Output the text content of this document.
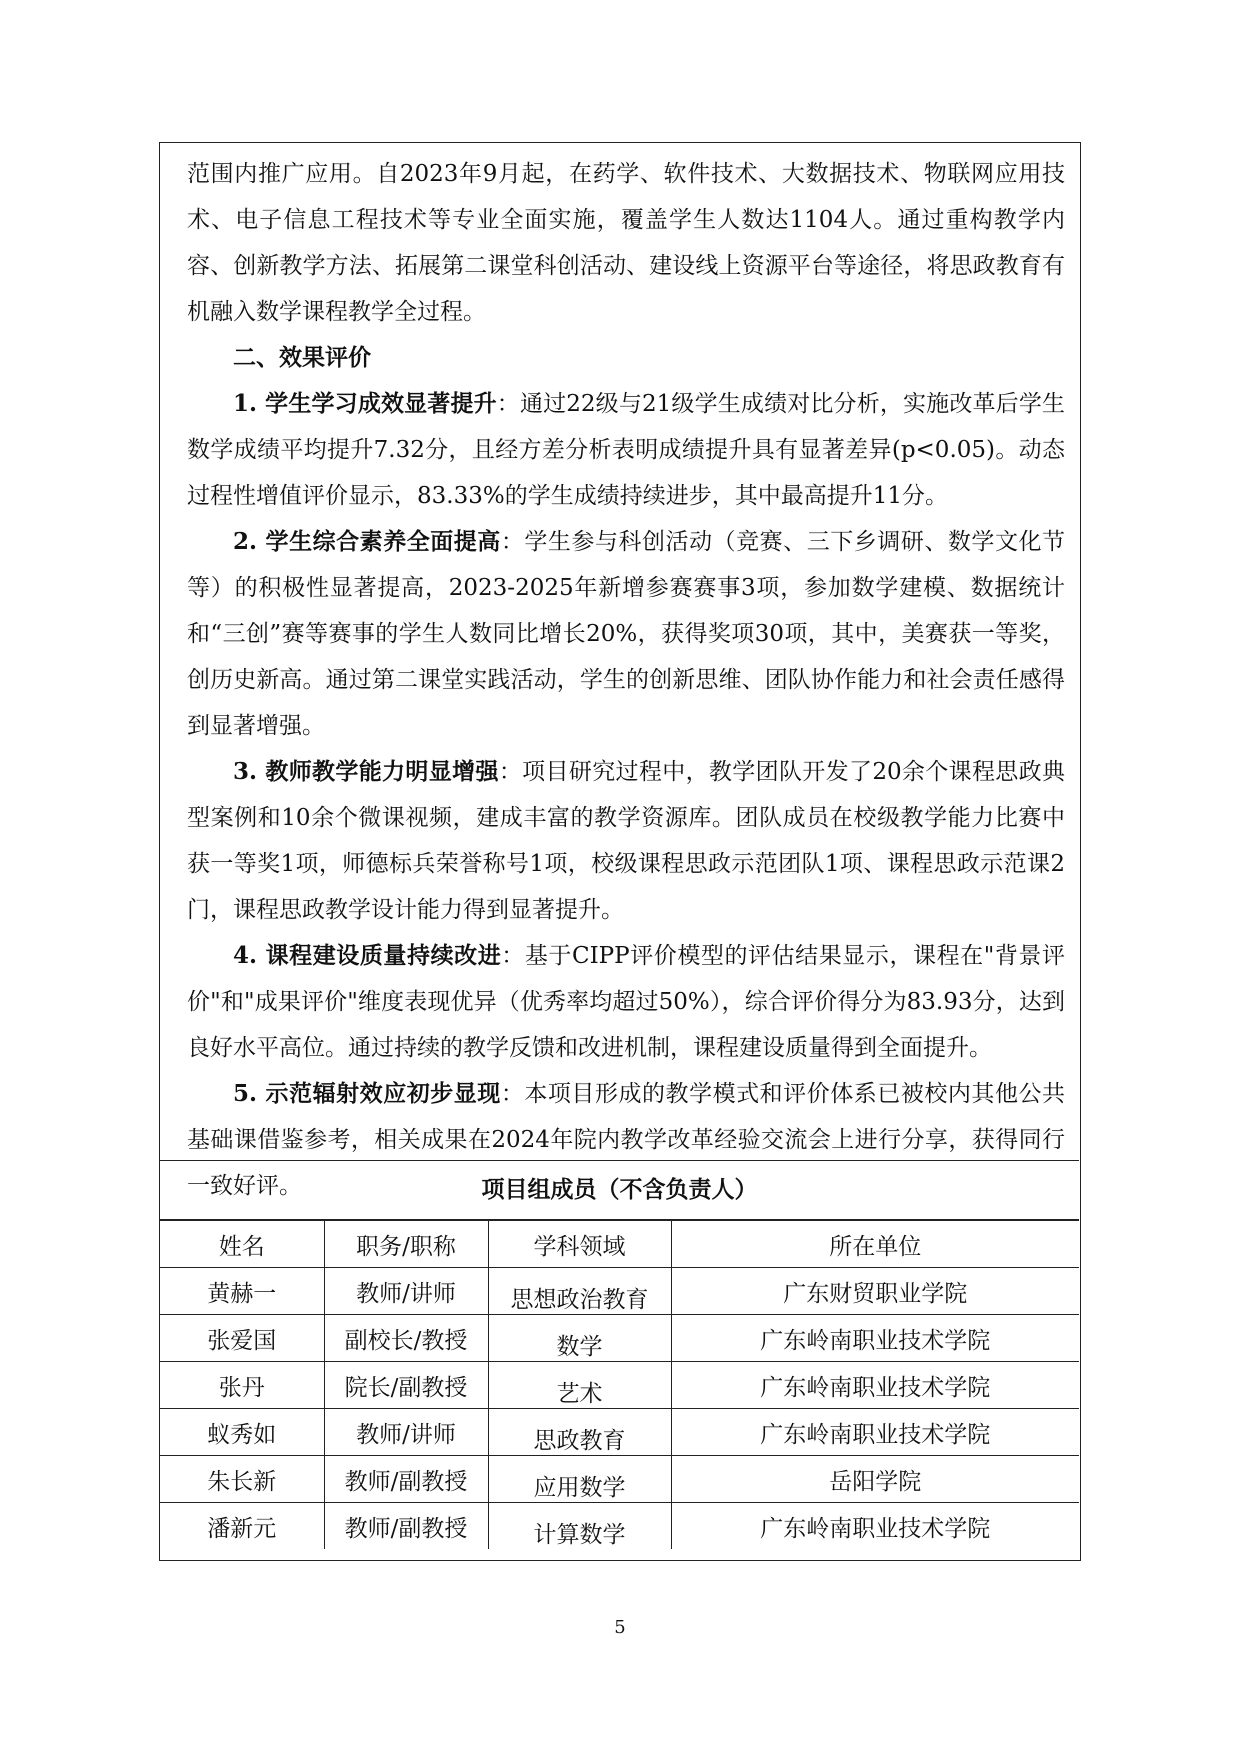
范围内推广应用。自2023年9月起，在药学、软件技术、大数据技术、物联网应用技术、电子信息工程技术等专业全面实施，覆盖学生人数达1104人。通过重构教学内容、创新教学方法、拓展第二课堂科创活动、建设线上资源平台等途径，将思政教育有机融入数学课程教学全过程。

二、效果评价

1. 学生学习成效显著提升：通过22级与21级学生成绩对比分析，实施改革后学生数学成绩平均提升7.32分，且经方差分析表明成绩提升具有显著差异(p<0.05)。动态过程性增值评价显示，83.33%的学生成绩持续进步，其中最高提升11分。

2. 学生综合素养全面提高：学生参与科创活动（竞赛、三下乡调研、数学文化节等）的积极性显著提高，2023-2025年新增参赛赛事3项，参加数学建模、数据统计和“三创”赛等赛事的学生人数同比增长20%，获得奖项30项，其中，美赛获一等奖，创历史新高。通过第二课堂实践活动，学生的创新思维、团队协作能力和社会责任感得到显著增强。

3. 教师教学能力明显增强：项目研究过程中，教学团队开发了20余个课程思政典型案例和10余个微课视频，建成丰富的教学资源库。团队成员在校级教学能力比赛中获一等奖1项，师德标兵荣誉称号1项，校级课程思政示范团队1项、课程思政示范课2门，课程思政教学设计能力得到显著提升。

4. 课程建设质量持续改进：基于CIPP评价模型的评估结果显示，课程在"背景评价"和"成果评价"维度表现优异（优秀率均超过50%），综合评价得分为83.93分，达到良好水平高位。通过持续的教学反馈和改进机制，课程建设质量得到全面提升。

5. 示范辐射效应初步显现：本项目形成的教学模式和评价体系已被校内其他公共基础课借鉴参考，相关成果在2024年院内教学改革经验交流会上进行分享，获得同行一致好评。	项目组成员（不含负责人）
姓名	职务/职称	学科领域	所在单位
黄赫一	教师/讲师	思想政治教育	广东财贸职业学院
张爱国	副校长/教授	数学	广东岭南职业技术学院
张丹	院长/副教授	艺术	广东岭南职业技术学院
蚁秀如	教师/讲师	思政教育	广东岭南职业技术学院
朱长新	教师/副教授	应用数学	岳阳学院
潘新元	教师/副教授	计算数学	广东岭南职业技术学院
5
